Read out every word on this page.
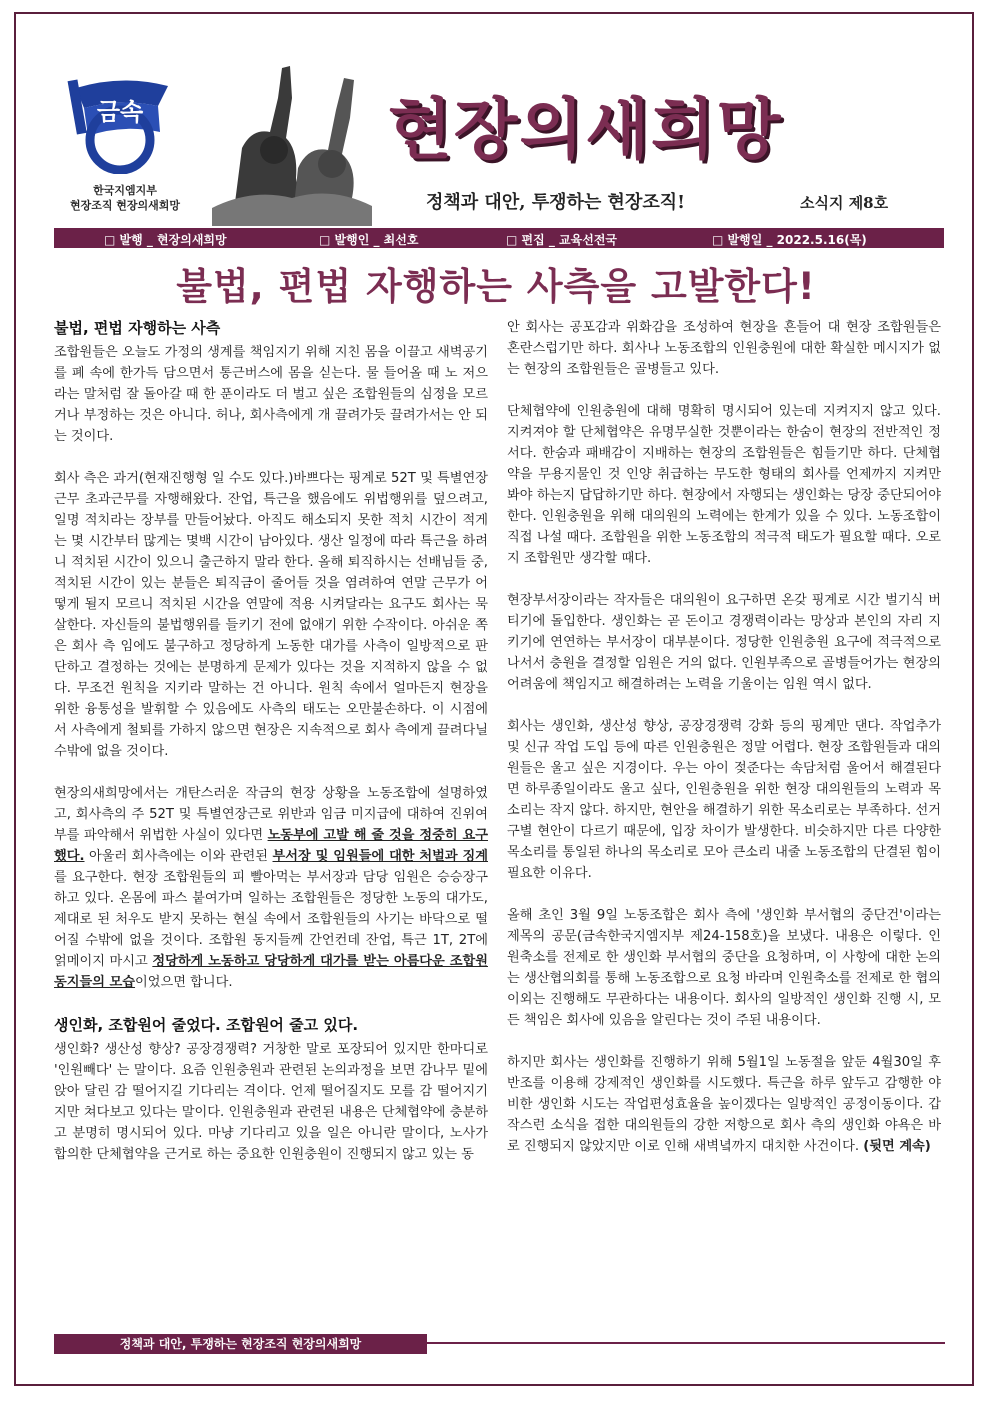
금속
한국지엠지부
현장조직 현장의새희망
현장의새희망
정책과 대안, 투쟁하는 현장조직!	소식지 제8호
□ 발행 _ 현장의새희망	□ 발행인 _ 최선호	□ 편집 _ 교육선전국	□ 발행일 _ 2022.5.16(목)
불법, 편법 자행하는 사측을 고발한다!
불법, 편법 자행하는 사측

조합원들은 오늘도 가정의 생계를 책임지기 위해 지친 몸을 이끌고 새벽공기를 폐 속에 한가득 담으면서 통근버스에 몸을 싣는다. 물 들어올 때 노 저으라는 말처럼 잘 돌아갈 때 한 푼이라도 더 벌고 싶은 조합원들의 심정을 모르거나 부정하는 것은 아니다. 허나, 회사측에게 개 끌려가듯 끌려가서는 안 되는 것이다.

회사 측은 과거(현재진행형 일 수도 있다.)바쁘다는 핑계로 52T 및 특별연장근무 초과근무를 자행해왔다. 잔업, 특근을 했음에도 위법행위를 덮으려고, 일명 적치라는 장부를 만들어놨다. 아직도 해소되지 못한 적치 시간이 적게는 몇 시간부터 많게는 몇백 시간이 남아있다. 생산 일정에 따라 특근을 하려니 적치된 시간이 있으니 출근하지 말라 한다. 올해 퇴직하시는 선배님들 중, 적치된 시간이 있는 분들은 퇴직금이 줄어들 것을 염려하여 연말 근무가 어떻게 될지 모르니 적치된 시간을 연말에 적용 시켜달라는 요구도 회사는 묵살한다. 자신들의 불법행위를 들키기 전에 없애기 위한 수작이다. 아쉬운 쪽은 회사 측 임에도 불구하고 정당하게 노동한 대가를 사측이 일방적으로 판단하고 결정하는 것에는 분명하게 문제가 있다는 것을 지적하지 않을 수 없다. 무조건 원칙을 지키라 말하는 건 아니다. 원칙 속에서 얼마든지 현장을 위한 융통성을 발휘할 수 있음에도 사측의 태도는 오만불손하다. 이 시점에서 사측에게 철퇴를 가하지 않으면 현장은 지속적으로 회사 측에게 끌려다닐 수밖에 없을 것이다.

현장의새희망에서는 개탄스러운 작금의 현장 상황을 노동조합에 설명하였고, 회사측의 주 52T 및 특별연장근로 위반과 임금 미지급에 대하여 진위여부를 파악해서 위법한 사실이 있다면 노동부에 고발 해 줄 것을 정중히 요구했다. 아울러 회사측에는 이와 관련된 부서장 및 임원들에 대한 처벌과 징계를 요구한다. 현장 조합원들의 피 빨아먹는 부서장과 담당 임원은 승승장구하고 있다. 온몸에 파스 붙여가며 일하는 조합원들은 정당한 노동의 대가도, 제대로 된 처우도 받지 못하는 현실 속에서 조합원들의 사기는 바닥으로 떨어질 수밖에 없을 것이다. 조합원 동지들께 간언컨데 잔업, 특근 1T, 2T에 얽메이지 마시고 정당하게 노동하고 당당하게 대가를 받는 아름다운 조합원 동지들의 모습이었으면 합니다.

생인화, 조합원어 줄었다. 조합원어 줄고 있다.

생인화? 생산성 향상? 공장경쟁력? 거창한 말로 포장되어 있지만 한마디로 '인원빼다' 는 말이다. 요즘 인원충원과 관련된 논의과정을 보면 감나무 밑에 앉아 달린 감 떨어지길 기다리는 격이다. 언제 떨어질지도 모를 감 떨어지기지만 쳐다보고 있다는 말이다. 인원충원과 관련된 내용은 단체협약에 충분하고 분명히 명시되어 있다. 마냥 기다리고 있을 일은 아니란 말이다, 노사가 합의한 단체협약을 근거로 하는 중요한 인원충원이 진행되지 않고 있는 동

안 회사는 공포감과 위화감을 조성하여 현장을 흔들어 대 현장 조합원들은 혼란스럽기만 하다. 회사나 노동조합의 인원충원에 대한 확실한 메시지가 없는 현장의 조합원들은 골병들고 있다.

단체협약에 인원충원에 대해 명확히 명시되어 있는데 지켜지지 않고 있다. 지켜져야 할 단체협약은 유명무실한 것뿐이라는 한숨이 현장의 전반적인 정서다. 한숨과 패배감이 지배하는 현장의 조합원들은 힘들기만 하다. 단체협약을 무용지물인 것 인양 취급하는 무도한 형태의 회사를 언제까지 지켜만 봐야 하는지 답답하기만 하다. 현장에서 자행되는 생인화는 당장 중단되어야 한다. 인원충원을 위해 대의원의 노력에는 한계가 있을 수 있다. 노동조합이 직접 나설 때다. 조합원을 위한 노동조합의 적극적 태도가 필요할 때다. 오로지 조합원만 생각할 때다.

현장부서장이라는 작자들은 대의원이 요구하면 온갖 핑계로 시간 벌기식 버티기에 돌입한다. 생인화는 곧 돈이고 경쟁력이라는 망상과 본인의 자리 지키기에 연연하는 부서장이 대부분이다. 정당한 인원충원 요구에 적극적으로 나서서 충원을 결정할 임원은 거의 없다. 인원부족으로 골병들어가는 현장의 어려움에 책임지고 해결하려는 노력을 기울이는 임원 역시 없다.

회사는 생인화, 생산성 향상, 공장경쟁력 강화 등의 핑계만 댄다. 작업추가 및 신규 작업 도입 등에 따른 인원충원은 정말 어렵다. 현장 조합원들과 대의원들은 울고 싶은 지경이다. 우는 아이 젖준다는 속담처럼 울어서 해결된다면 하루종일이라도 울고 싶다, 인원충원을 위한 현장 대의원들의 노력과 목소리는 작지 않다. 하지만, 현안을 해결하기 위한 목소리로는 부족하다. 선거구별 현안이 다르기 때문에, 입장 차이가 발생한다. 비슷하지만 다른 다양한 목소리를 통일된 하나의 목소리로 모아 큰소리 내줄 노동조합의 단결된 힘이 필요한 이유다.

올해 초인 3월 9일 노동조합은 회사 측에 '생인화 부서협의 중단건'이라는 제목의 공문(금속한국지엠지부 제24-158호)을 보냈다. 내용은 이렇다. 인원축소를 전제로 한 생인화 부서협의 중단을 요청하며, 이 사항에 대한 논의는 생산협의회를 통해 노동조합으로 요청 바라며 인원축소를 전제로 한 협의 이외는 진행해도 무관하다는 내용이다. 회사의 일방적인 생인화 진행 시, 모든 책임은 회사에 있음을 알린다는 것이 주된 내용이다.

하지만 회사는 생인화를 진행하기 위해 5월1일 노동절을 앞둔 4월30일 후반조를 이용해 강제적인 생인화를 시도했다. 특근을 하루 앞두고 감행한 야비한 생인화 시도는 작업편성효율을 높이겠다는 일방적인 공정이동이다. 갑작스런 소식을 접한 대의원들의 강한 저항으로 회사 측의 생인화 야욕은 바로 진행되지 않았지만 이로 인해 새벽녘까지 대치한 사건이다. (뒷면 계속)

정책과 대안, 투쟁하는 현장조직 현장의새희망
